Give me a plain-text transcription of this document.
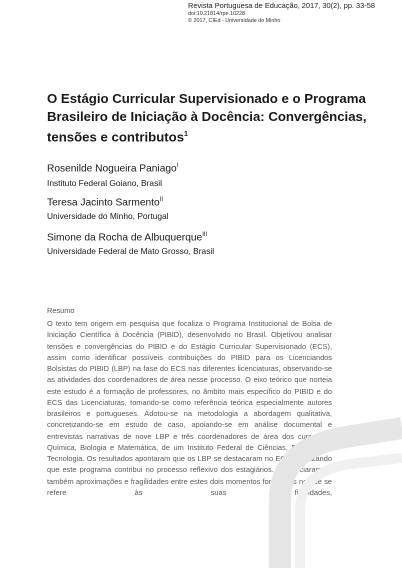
Revista Portuguesa de Educação, 2017, 30(2), pp. 33-58
doi:10.21814/rpe.10228
© 2017, CIEd - Universidade do Minho
O Estágio Curricular Supervisionado e o Programa Brasileiro de Iniciação à Docência: Convergências, tensões e contributos$^1$
Rosenilde Nogueira Paniago$^I$
Instituto Federal Goiano, Brasil
Teresa Jacinto Sarmento$^{II}$
Universidade do Minho, Portugal
Simone da Rocha de Albuquerque$^{III}$
Universidade Federal de Mato Grosso, Brasil
Resumo
O texto tem origem em pesquisa que focaliza o Programa Institucional de Bolsa de Iniciação Científica à Docência (PIBID), desenvolvido no Brasil. Objetivou analisar tensões e convergências do PIBID e do Estágio Curricular Supervisionado (ECS), assim como identificar possíveis contribuições do PIBID para os Licenciandos Bolsistas do PIBID (LBP) na fase do ECS nas diferentes licenciaturas, observando-se as atividades dos coordenadores de área nesse processo. O eixo teórico que norteia este estudo é a formação de professores, no âmbito mais específico do PIBID e do ECS das Licenciaturas, tomando-se como referência teórica especialmente autores brasileiros e portugueses. Adotou-se na metodologia a abordagem qualitativa, concretizando-se em estudo de caso, apoiando-se em análise documental e entrevistas narrativas de nove LBP e três coordenadores de área dos cursos de Química, Biologia e Matemática, de um Instituto Federal de Ciências, Educação e Tecnologia. Os resultados apontaram que os LBP se destacaram no ECS, sinalizando que este programa contribui no processo reflexivo dos estagiários. Evidenciaram-se também aproximações e fragilidades entre estes dois momentos formativos no que se refere às suas finalidades,
